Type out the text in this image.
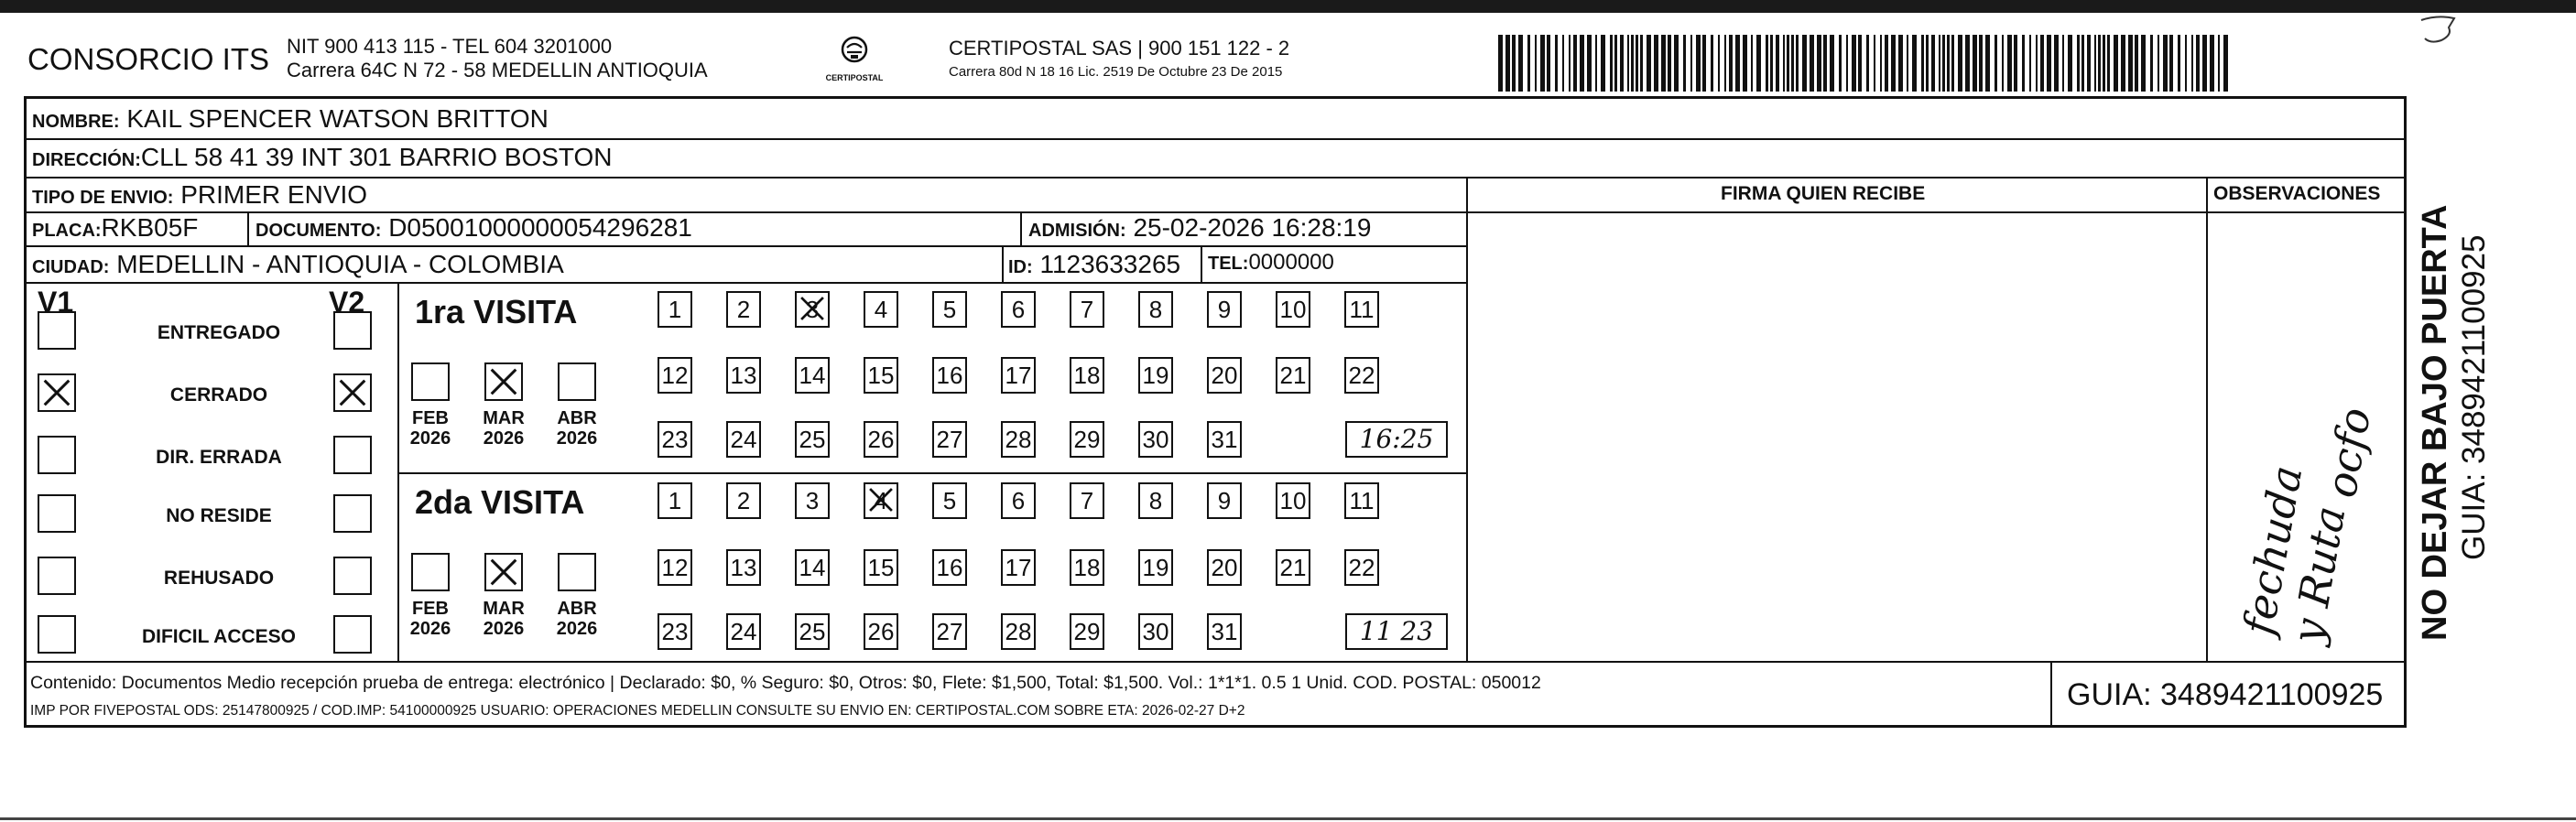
CONSORCIO ITS NIT 900 413 115 - TEL 604 3201000
Carrera 64C N 72 - 58 MEDELLIN ANTIOQUIA	CERTIPOSTAL
CERTIPOSTAL SAS | 900 151 122 - 2
Carrera 80d N 18 16 Lic. 2519 De Octubre 23 De 2015
NOMBRE: KAIL SPENCER WATSON BRITTON
DIRECCIÓN:CLL 58 41 39 INT 301 BARRIO BOSTON
TIPO DE ENVIO: PRIMER ENVIO	FIRMA QUIEN RECIBE	OBSERVACIONES
PLACA:RKB05F	DOCUMENTO: D05001000000054296281	ADMISIÓN: 25-02-2026 16:28:19
CIUDAD: MEDELLIN - ANTIOQUIA - COLOMBIA	ID: 1123633265 TEL:0000000
V1	V2
ENTREGADO
CERRADO
DIR. ERRADA
NO RESIDE
REHUSADO
DIFICIL ACCESO
1ra VISITA
FEB
2026
MAR
2026
ABR
2026
1	2	3	4	5	6	7	8	9	10 11
12 13 14 15 16 17 18 19 20 21 22
23 24 25 26 27 28 29 30 31	16:25
2da VISITA
FEB
2026
MAR
2026
ABR
2026
1	2	3	4	5	6	7	8	9	10 11
12 13 14 15 16 17 18 19 20 21 22
23 24 25 26 27 28 29 30 31	11 23	fechuda y Ruta
ocfo
Contenido: Documentos Medio recepción prueba de entrega: electrónico | Declarado: $0, % Seguro: $0, Otros: $0, Flete: $1,500, Total: $1,500. Vol.: 1*1*1. 0.5 1 Unid. COD. POSTAL: 050012
IMP POR FIVEPOSTAL ODS: 25147800925 / COD.IMP: 54100000925 USUARIO: OPERACIONES MEDELLIN CONSULTE SU ENVIO EN: CERTIPOSTAL.COM SOBRE ETA: 2026-02-27 D+2	GUIA: 3489421100925
NO DEJAR BAJO PUERTA GUIA: 3489421100925
